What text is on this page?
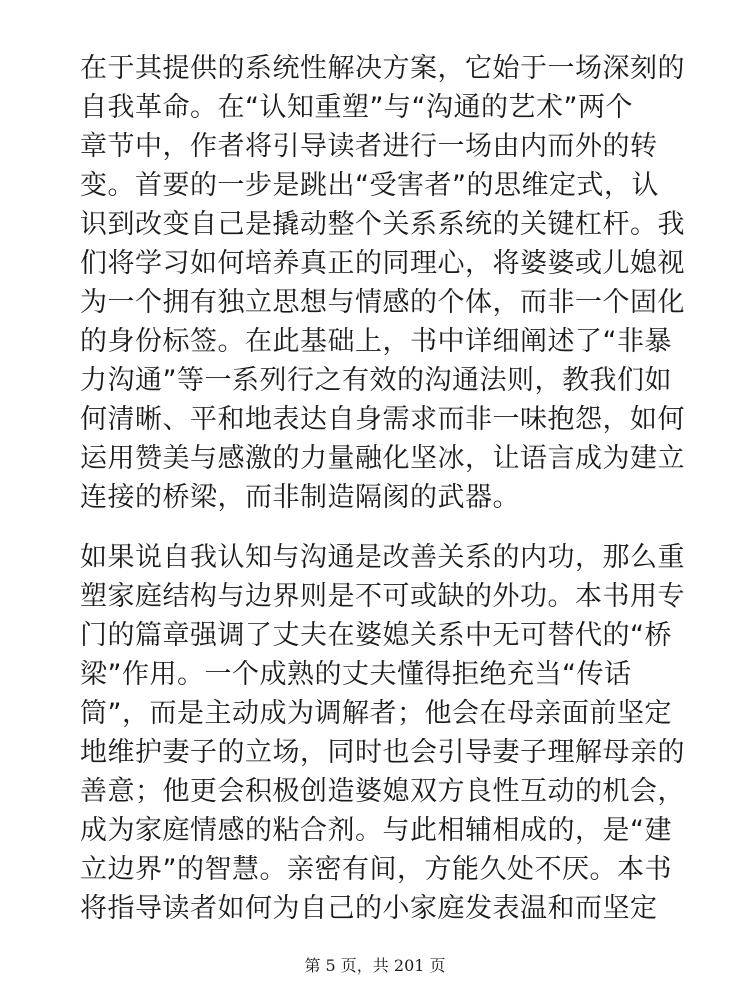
在于其提供的系统性解决方案，它始于一场深刻的
自我革命。在“认知重塑”与“沟通的艺术”两个
章节中，作者将引导读者进行一场由内而外的转
变。首要的一步是跳出“受害者”的思维定式，认
识到改变自己是撬动整个关系系统的关键杠杆。我
们将学习如何培养真正的同理心，将婆婆或儿媳视
为一个拥有独立思想与情感的个体，而非一个固化
的身份标签。在此基础上，书中详细阐述了“非暴
力沟通”等一系列行之有效的沟通法则，教我们如
何清晰、平和地表达自身需求而非一味抱怨，如何
运用赞美与感激的力量融化坚冰，让语言成为建立
连接的桥梁，而非制造隔阂的武器。
如果说自我认知与沟通是改善关系的内功，那么重
塑家庭结构与边界则是不可或缺的外功。本书用专
门的篇章强调了丈夫在婆媳关系中无可替代的“桥
梁”作用。一个成熟的丈夫懂得拒绝充当“传话
筒”，而是主动成为调解者；他会在母亲面前坚定
地维护妻子的立场，同时也会引导妻子理解母亲的
善意；他更会积极创造婆媳双方良性互动的机会，
成为家庭情感的粘合剂。与此相辅相成的，是“建
立边界”的智慧。亲密有间，方能久处不厌。本书
将指导读者如何为自己的小家庭发表温和而坚定
第 5 页，共 201 页
